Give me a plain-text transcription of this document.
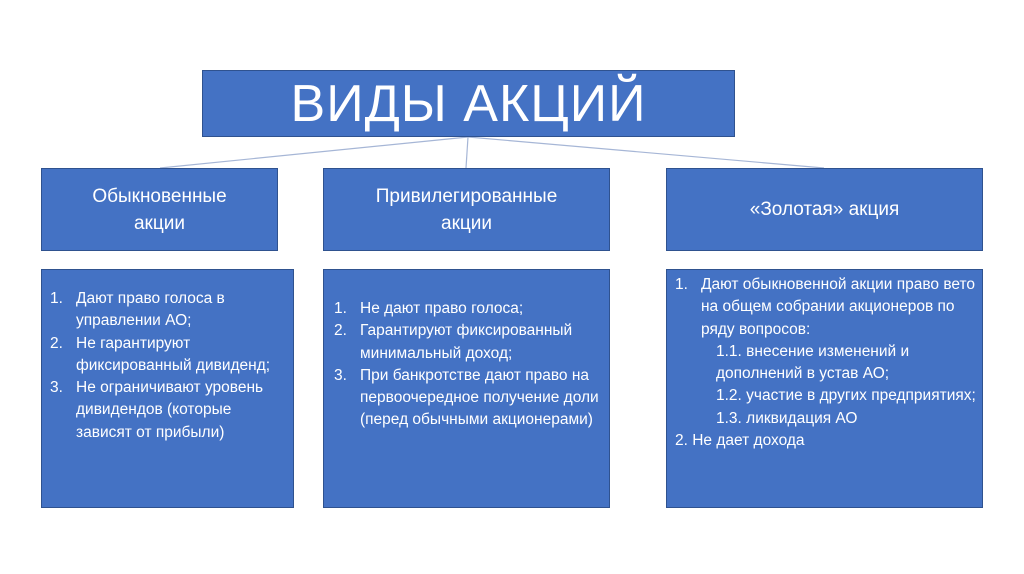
ВИДЫ АКЦИЙ
Обыкновенные
акции
Привилегированные
акции
«Золотая» акция
1. Дают право голоса в управлении АО;
2. Не гарантируют фиксированный дивиденд;
3. Не ограничивают уровень дивидендов (которые зависят от прибыли)
1. Не дают право голоса;
2. Гарантируют фиксированный минимальный доход;
3. При банкротстве дают право на первоочередное получение доли (перед обычными акционерами)
1. Дают обыкновенной акции право вето на общем собрании акционеров по ряду вопросов:
1.1. внесение изменений и дополнений в устав АО;
1.2. участие в других предприятиях;
1.3. ликвидация АО
2. Не дает дохода
